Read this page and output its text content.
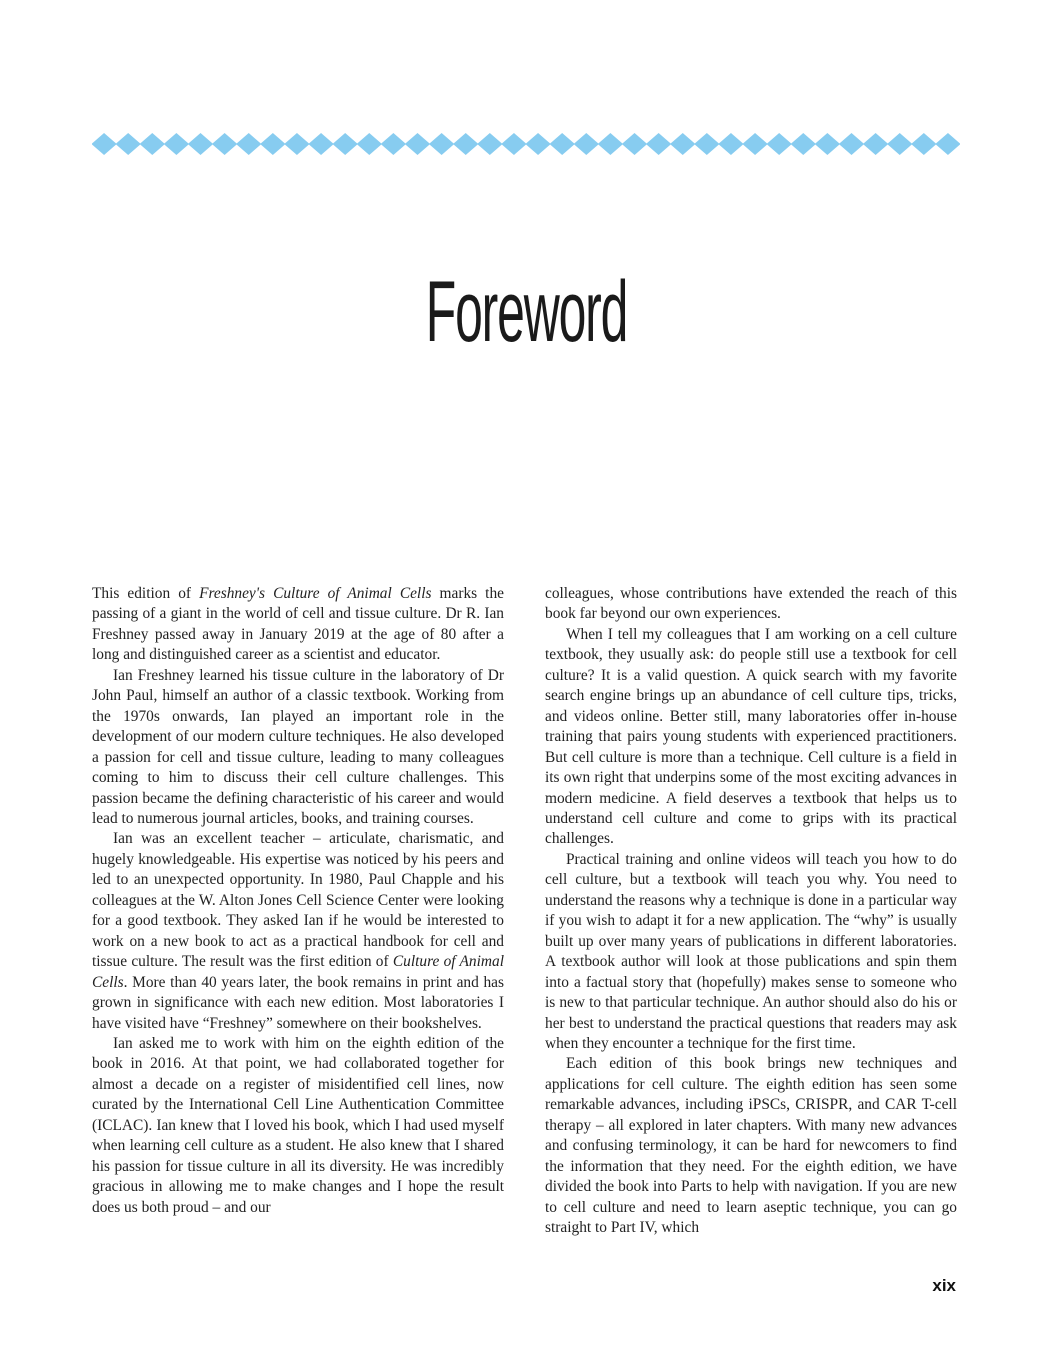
Foreword

This edition of Freshney's Culture of Animal Cells marks the passing of a giant in the world of cell and tissue culture. Dr R. Ian Freshney passed away in January 2019 at the age of 80 after a long and distinguished career as a scientist and educator.

Ian Freshney learned his tissue culture in the laboratory of Dr John Paul, himself an author of a classic textbook. Working from the 1970s onwards, Ian played an important role in the development of our modern culture techniques. He also developed a passion for cell and tissue culture, leading to many colleagues coming to him to discuss their cell culture challenges. This passion became the defining characteristic of his career and would lead to numerous journal articles, books, and training courses.

Ian was an excellent teacher – articulate, charismatic, and hugely knowledgeable. His expertise was noticed by his peers and led to an unexpected opportunity. In 1980, Paul Chapple and his colleagues at the W. Alton Jones Cell Science Center were looking for a good textbook. They asked Ian if he would be interested to work on a new book to act as a practical handbook for cell and tissue culture. The result was the first edition of Culture of Animal Cells. More than 40 years later, the book remains in print and has grown in significance with each new edition. Most laboratories I have visited have “Freshney” somewhere on their bookshelves.

Ian asked me to work with him on the eighth edition of the book in 2016. At that point, we had collaborated together for almost a decade on a register of misidentified cell lines, now curated by the International Cell Line Authentication Committee (ICLAC). Ian knew that I loved his book, which I had used myself when learning cell culture as a student. He also knew that I shared his passion for tissue culture in all its diversity. He was incredibly gracious in allowing me to make changes and I hope the result does us both proud – and our

colleagues, whose contributions have extended the reach of this book far beyond our own experiences.

When I tell my colleagues that I am working on a cell culture textbook, they usually ask: do people still use a textbook for cell culture? It is a valid question. A quick search with my favorite search engine brings up an abundance of cell culture tips, tricks, and videos online. Better still, many laboratories offer in-house training that pairs young students with experienced practitioners. But cell culture is more than a technique. Cell culture is a field in its own right that underpins some of the most exciting advances in modern medicine. A field deserves a textbook that helps us to understand cell culture and come to grips with its practical challenges.

Practical training and online videos will teach you how to do cell culture, but a textbook will teach you why. You need to understand the reasons why a technique is done in a particular way if you wish to adapt it for a new application. The “why” is usually built up over many years of publications in different laboratories. A textbook author will look at those publications and spin them into a factual story that (hopefully) makes sense to someone who is new to that particular technique. An author should also do his or her best to understand the practical questions that readers may ask when they encounter a technique for the first time.

Each edition of this book brings new techniques and applications for cell culture. The eighth edition has seen some remarkable advances, including iPSCs, CRISPR, and CAR T-cell therapy – all explored in later chapters. With many new advances and confusing terminology, it can be hard for newcomers to find the information that they need. For the eighth edition, we have divided the book into Parts to help with navigation. If you are new to cell culture and need to learn aseptic technique, you can go straight to Part IV, which

xix
